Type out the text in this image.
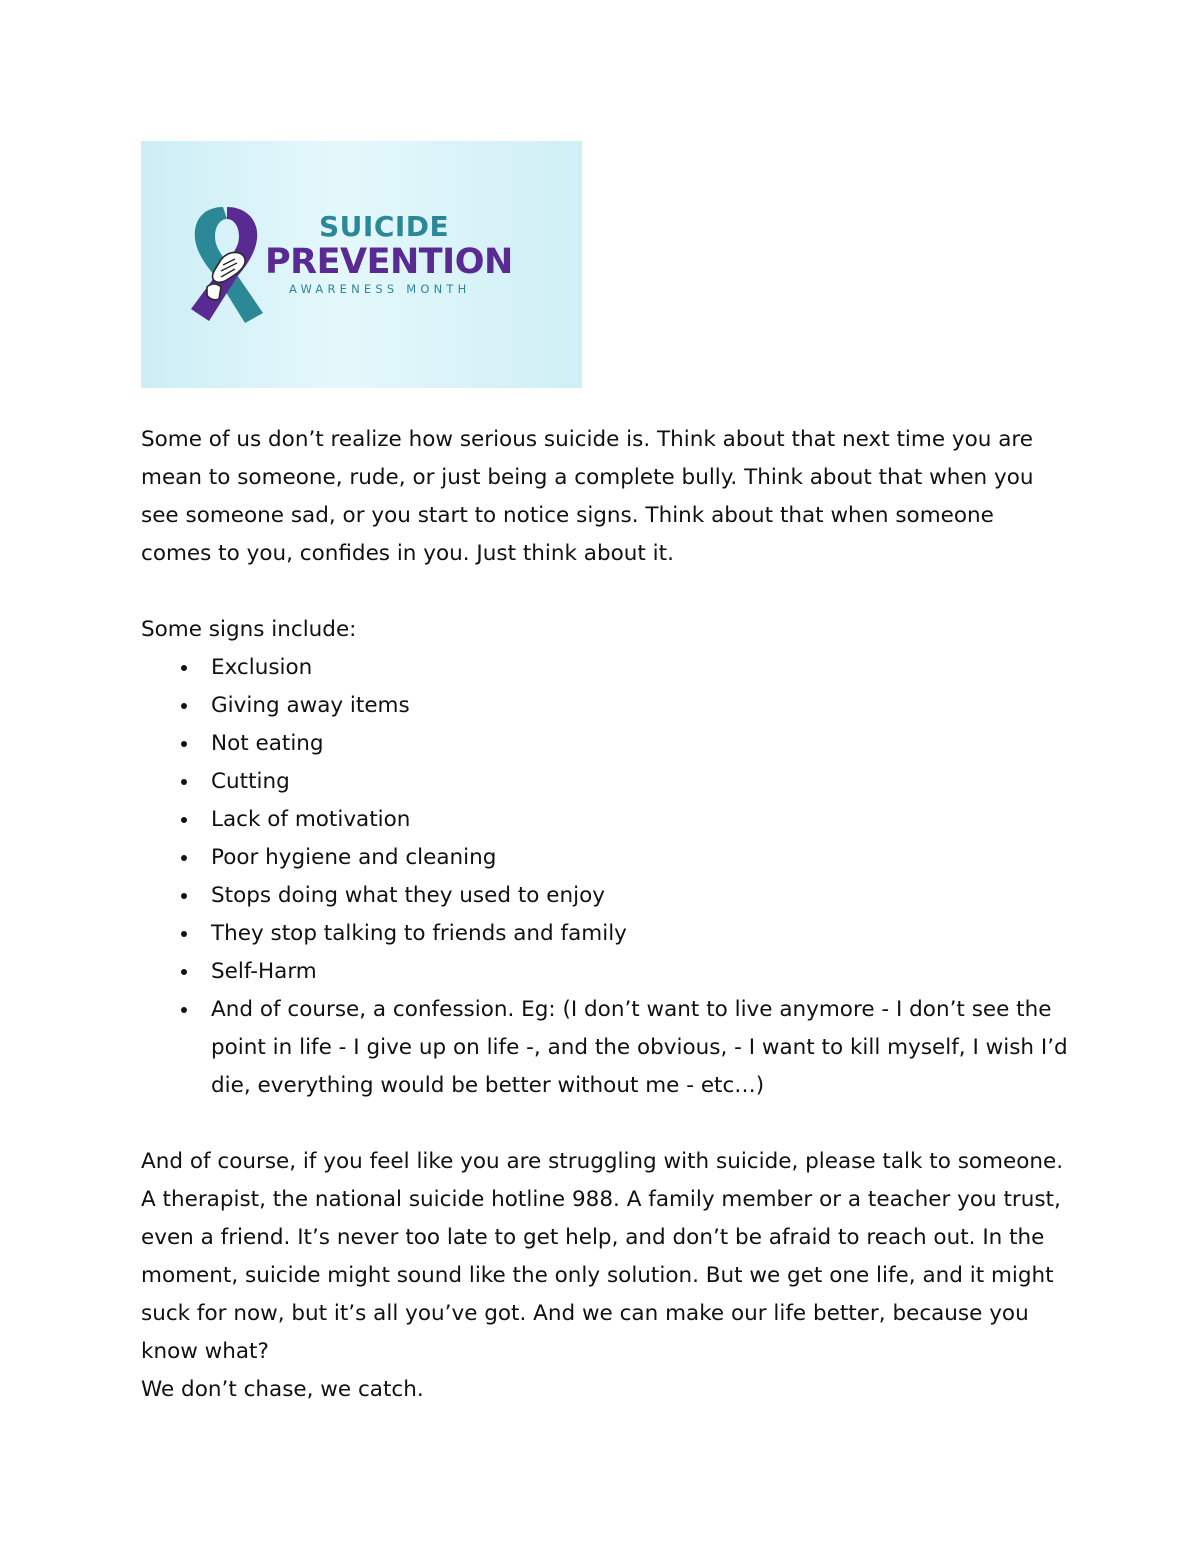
SUICIDE
PREVENTION
AWARENESS MONTH

Some of us don’t realize how serious suicide is. Think about that next time you are mean to someone, rude, or just being a complete bully. Think about that when you see someone sad, or you start to notice signs. Think about that when someone comes to you, confides in you. Just think about it.

Some signs include:

Exclusion
Giving away items
Not eating
Cutting
Lack of motivation
Poor hygiene and cleaning
Stops doing what they used to enjoy
They stop talking to friends and family
Self-Harm
And of course, a confession. Eg: (I don’t want to live anymore - I don’t see the point in life - I give up on life -, and the obvious, - I want to kill myself, I wish I’d die, everything would be better without me - etc…)

And of course, if you feel like you are struggling with suicide, please talk to someone. A therapist, the national suicide hotline 988. A family member or a teacher you trust, even a friend. It’s never too late to get help, and don’t be afraid to reach out. In the moment, suicide might sound like the only solution. But we get one life, and it might suck for now, but it’s all you’ve got. And we can make our life better, because you know what?

We don’t chase, we catch.
